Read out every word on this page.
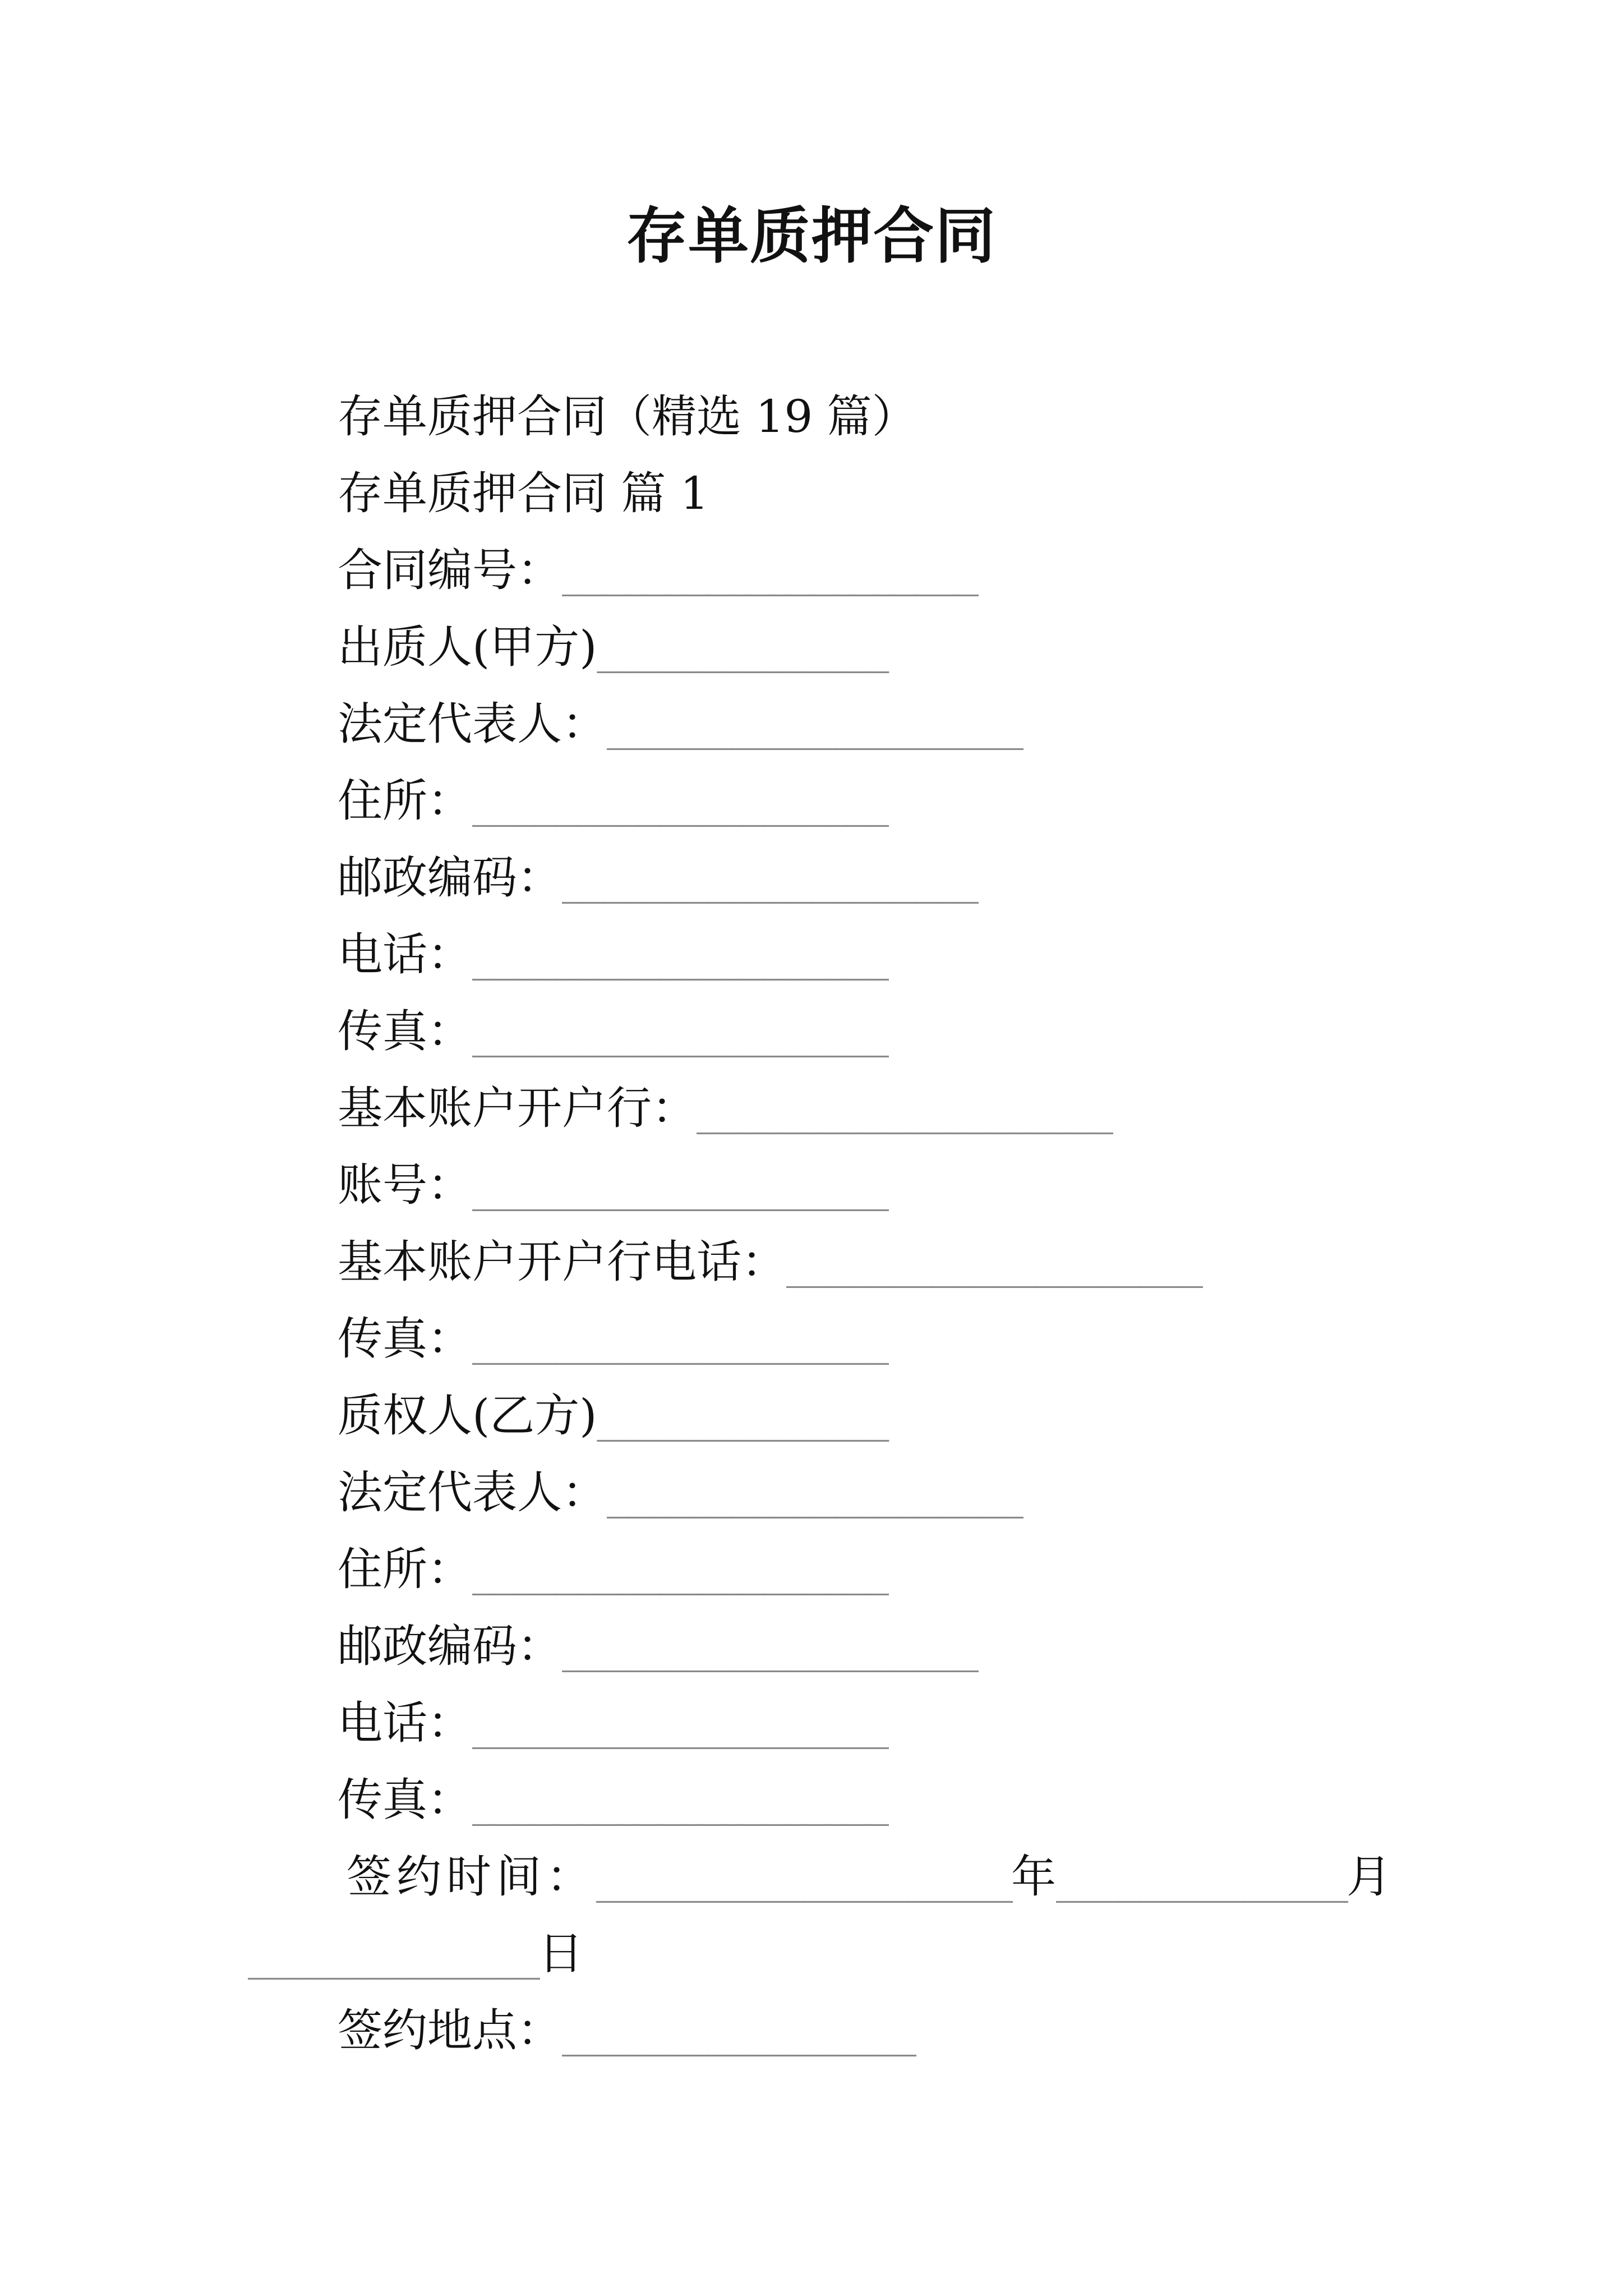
存单质押合同
存单质押合同（精选 19 篇）
存单质押合同 篇 1
合同编号：____________________
出质人(甲方)______________
法定代表人：____________________
住所：____________________
邮政编码：____________________
电话：____________________
传真：____________________
基本账户开户行：____________________
账号：____________________
基本账户开户行电话：____________________
传真：____________________
质权人(乙方)______________
法定代表人：____________________
住所：____________________
邮政编码：____________________
电话：____________________
传真：____________________
签约时间：____________________年______________月
______________日
签约地点：_________________
